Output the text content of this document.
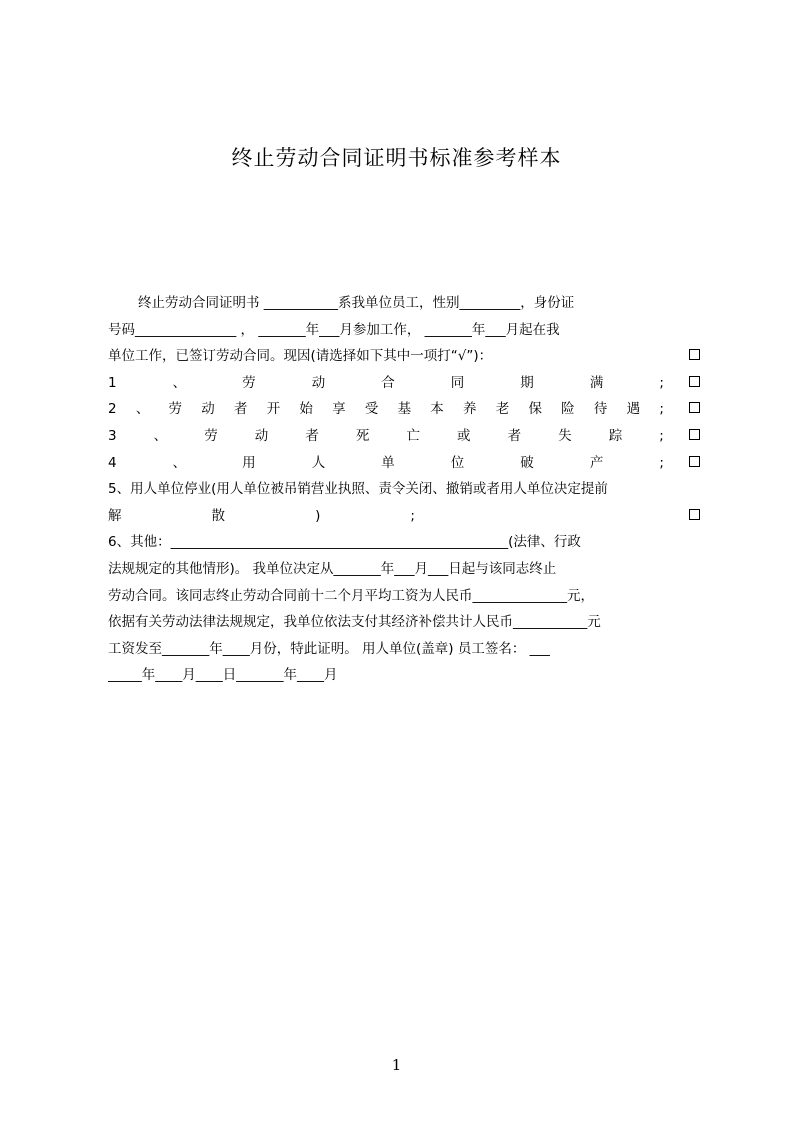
终止劳动合同证明书标准参考样本
终止劳动合同证明书 ___________系我单位员工，性别_________，身份证
号码_______________ ， _______年___月参加工作， _______年___月起在我
单位工作，已签订劳动合同。现因(请选择如下其中一项打“√”)：
1	、	劳	动	合	同	期	满	;
2 、 劳 动 者 开 始 享 受 基 本 养 老 保 险 待 遇 ;
3	、	劳	动	者	死	亡	或	者	失	踪	;
4	、	用	人	单	位	破	产	;
5、用人单位停业(用人单位被吊销营业执照、责令关闭、撤销或者用人单位决定提前
解	散	)	;
6、其他：__________________________________________________(法律、行政
法规规定的其他情形)。 我单位决定从_______年___月___日起与该同志终止
劳动合同。该同志终止劳动合同前十二个月平均工资为人民币______________元，
依据有关劳动法律法规规定，我单位依法支付其经济补偿共计人民币___________元
工资发至_______年____月份，特此证明。 用人单位(盖章) 员工签名： ___
_____年____月____日_______年____月
1
